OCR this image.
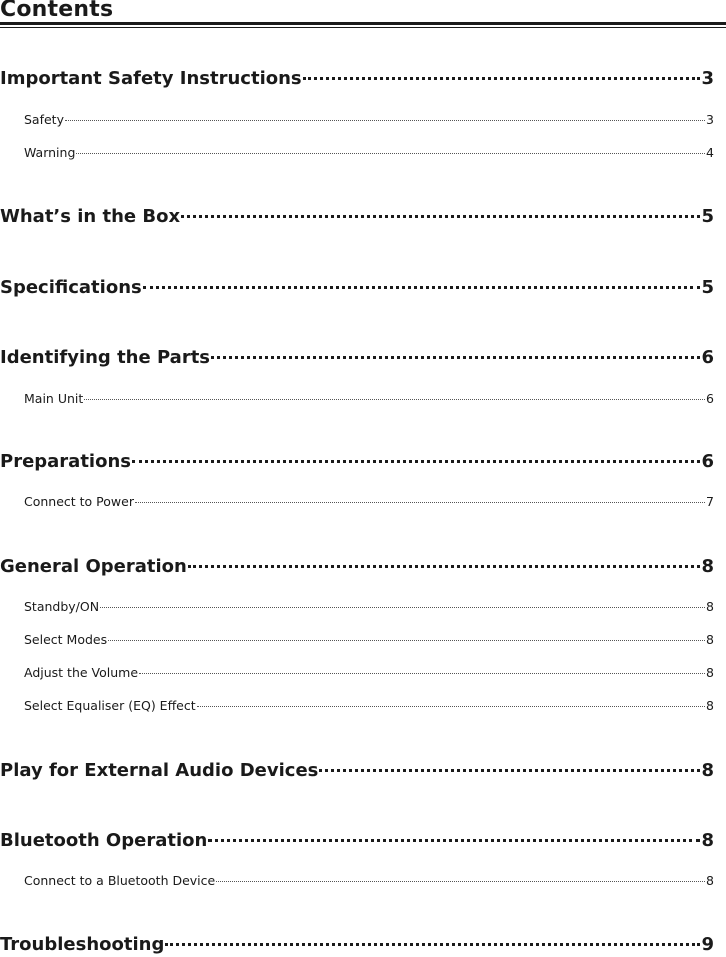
Contents
Important Safety Instructions	3
Safety	3
Warning	4
What’s in the Box	5
Specifications	5
Identifying the Parts	6
Main Unit	6
Preparations	6
Connect to Power	7
General Operation	8
Standby/ON	8
Select Modes	8
Adjust the Volume	8
Select Equaliser (EQ) Effect	8
Play for External Audio Devices	8
Bluetooth Operation	8
Connect to a Bluetooth Device	8
Troubleshooting	9
